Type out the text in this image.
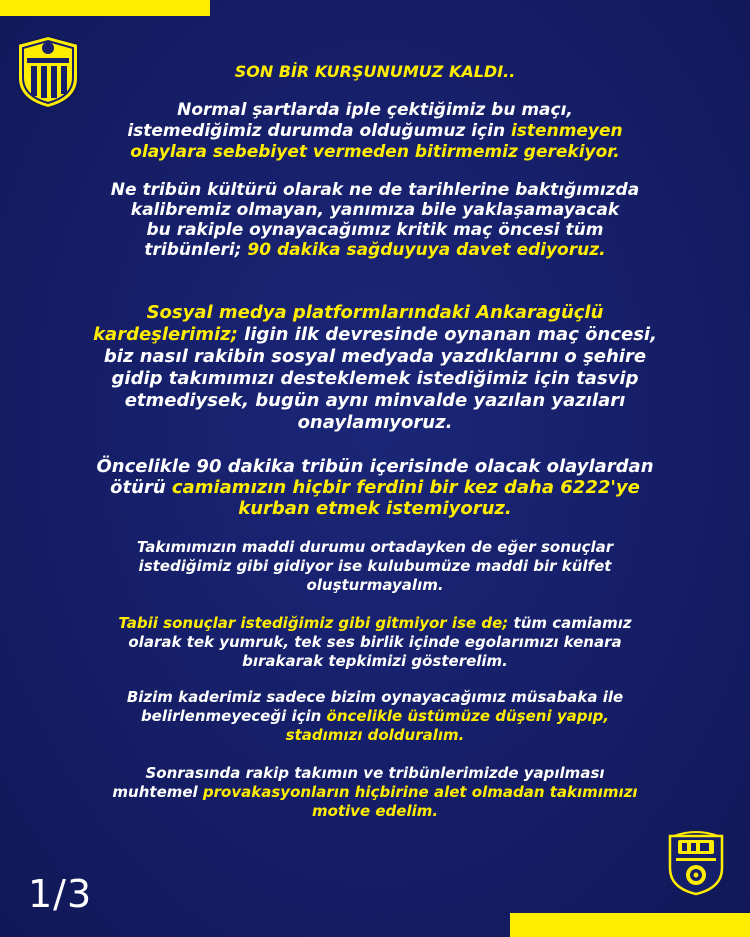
1/3

SON BİR KURŞUNUMUZ KALDI..

Normal şartlarda iple çektiğimiz bu maçı,
istemediğimiz durumda olduğumuz için istenmeyen
olaylara sebebiyet vermeden bitirmemiz gerekiyor.

Ne tribün kültürü olarak ne de tarihlerine baktığımızda
kalibremiz olmayan, yanımıza bile yaklaşamayacak
bu rakiple oynayacağımız kritik maç öncesi tüm
tribünleri; 90 dakika sağduyuya davet ediyoruz.

Sosyal medya platformlarındaki Ankaragüçlü
kardeşlerimiz; ligin ilk devresinde oynanan maç öncesi,
biz nasıl rakibin sosyal medyada yazdıklarını o şehire
gidip takımımızı desteklemek istediğimiz için tasvip
etmediysek, bugün aynı minvalde yazılan yazıları
onaylamıyoruz.

Öncelikle 90 dakika tribün içerisinde olacak olaylardan
ötürü camiamızın hiçbir ferdini bir kez daha 6222'ye
kurban etmek istemiyoruz.

Takımımızın maddi durumu ortadayken de eğer sonuçlar
istediğimiz gibi gidiyor ise kulubumüze maddi bir külfet
oluşturmayalım.

Tabii sonuçlar istediğimiz gibi gitmiyor ise de; tüm camiamız
olarak tek yumruk, tek ses birlik içinde egolarımızı kenara
bırakarak tepkimizi gösterelim.

Bizim kaderimiz sadece bizim oynayacağımız müsabaka ile
belirlenmeyeceği için öncelikle üstümüze düşeni yapıp,
stadımızı dolduralım.

Sonrasında rakip takımın ve tribünlerimizde yapılması
muhtemel provakasyonların hiçbirine alet olmadan takımımızı
motive edelim.
